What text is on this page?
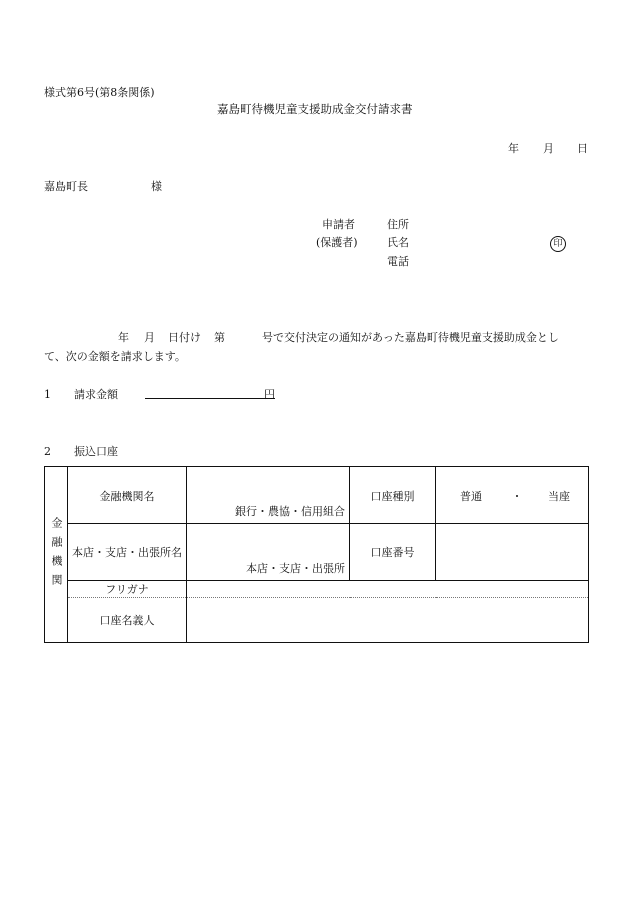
様式第6号(第8条関係)
嘉島町待機児童支援助成金交付請求書
年 月 日
嘉島町長	様
申請者
(保護者)
住所
氏名
電話
印
年 月 日付け 第	号で交付決定の通知があった嘉島町待機児童支援助成金とし
て、次の金額を請求します。
1 請求金額	円
2 振込口座
金融機関	金融機関名	銀行・農協・信用組合	口座種別	普通 ・ 当座
	本店・支店・出張所名	本店・支店・出張所	口座番号	
	フリガナ			
	口座名義人			
